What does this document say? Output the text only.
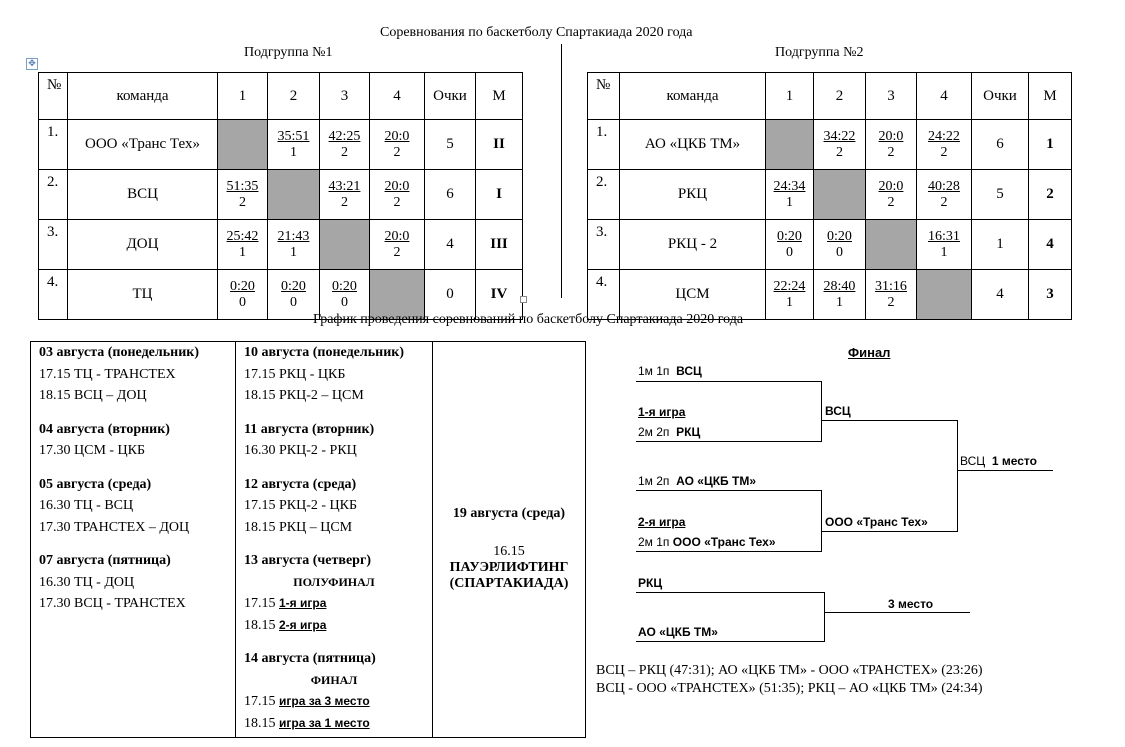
Соревнования по баскетболу Спартакиада 2020 года
Подгруппа №1	Подгруппа №2
✥
№	команда	1	2	3	4	Очки	М
1.	ООО «Транс Тех»		$\frac{35:51}{1}$	$\frac{42:25}{2}$	$\frac{20:0}{2}$	5	II
2.	ВСЦ	$\frac{51:35}{2}$		$\frac{43:21}{2}$	$\frac{20:0}{2}$	6	I
3.	ДОЦ	$\frac{25:42}{1}$	$\frac{21:43}{1}$		$\frac{20:0}{2}$	4	III
4.	ТЦ	$\frac{0:20}{0}$	$\frac{0:20}{0}$	$\frac{0:20}{0}$		0	IV
№	команда	1	2	3	4	Очки	М
1.	АО «ЦКБ ТМ»		$\frac{34:22}{2}$	$\frac{20:0}{2}$	$\frac{24:22}{2}$	6	1
2.	РКЦ	$\frac{24:34}{1}$		$\frac{20:0}{2}$	$\frac{40:28}{2}$	5	2
3.	РКЦ - 2	$\frac{0:20}{0}$	$\frac{0:20}{0}$		$\frac{16:31}{1}$	1	4
4.	ЦСМ	$\frac{22:24}{1}$	$\frac{28:40}{1}$	$\frac{31:16}{2}$		4	3
График проведения соревнований по баскетболу Спартакиада 2020 года
03 августа (понедельник)
17.15 ТЦ - ТРАНСТЕХ
18.15 ВСЦ – ДОЦ
04 августа (вторник)
17.30 ЦСМ - ЦКБ
05 августа (среда)
16.30 ТЦ - ВСЦ
17.30 ТРАНСТЕХ – ДОЦ
07 августа (пятница)
16.30 ТЦ - ДОЦ
17.30 ВСЦ - ТРАНСТЕХ

10 августа (понедельник)
17.15 РКЦ - ЦКБ
18.15 РКЦ-2 – ЦСМ
11 августа (вторник)
16.30 РКЦ-2 - РКЦ
12 августа (среда)
17.15 РКЦ-2 - ЦКБ
18.15 РКЦ – ЦСМ
13 августа (четверг)
ПОЛУФИНАЛ
17.15 1-я игра
18.15 2-я игра
14 августа (пятница)
ФИНАЛ
17.15 игра за 3 место
18.15 игра за 1 место

19 августа (среда)
16.15
ПАУЭРЛИФТИНГ
(СПАРТАКИАДА)
Финал
1м 1п ВСЦ
1-я игра
2м 2п РКЦ
ВСЦ
1м 2п АО «ЦКБ ТМ»
2-я игра
2м 1п ООО «Транс Тех»
ООО «Транс Тех»
ВСЦ 1 место
РКЦ
АО «ЦКБ ТМ»
3 место
ВСЦ – РКЦ (47:31); АО «ЦКБ ТМ» - ООО «ТРАНСТЕХ» (23:26)
ВСЦ - ООО «ТРАНСТЕХ» (51:35); РКЦ – АО «ЦКБ ТМ» (24:34)
